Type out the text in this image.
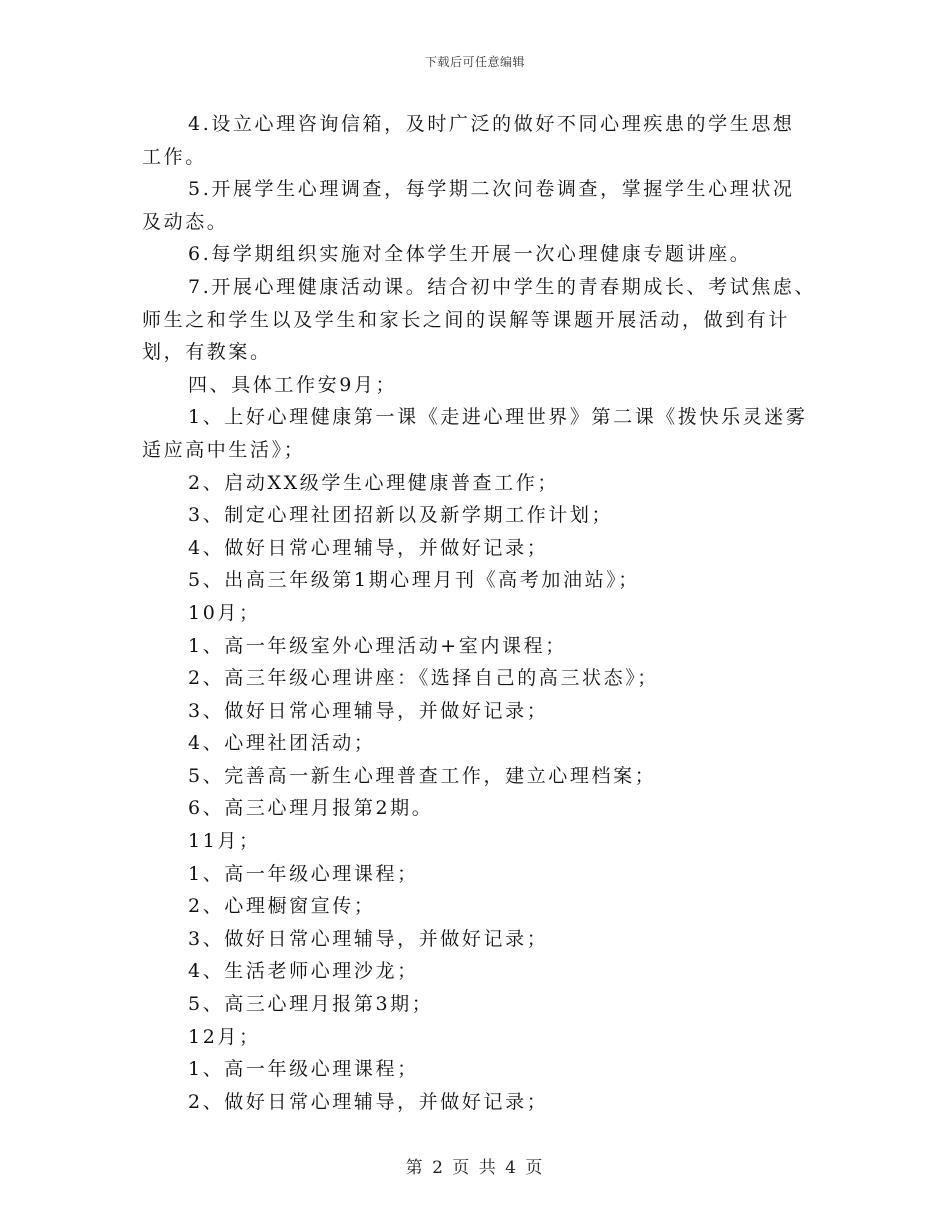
下载后可任意编辑
4.设立心理咨询信箱，及时广泛的做好不同心理疾患的学生思想
工作。
5.开展学生心理调查，每学期二次问卷调查，掌握学生心理状况
及动态。
6.每学期组织实施对全体学生开展一次心理健康专题讲座。
7.开展心理健康活动课。结合初中学生的青春期成长、考试焦虑、
师生之和学生以及学生和家长之间的误解等课题开展活动，做到有计
划，有教案。
四、具体工作安9月；
1、上好心理健康第一课《走进心理世界》第二课《拨快乐灵迷雾
适应高中生活》；
2、启动XX级学生心理健康普查工作；
3、制定心理社团招新以及新学期工作计划；
4、做好日常心理辅导，并做好记录；
5、出高三年级第1期心理月刊《高考加油站》；
10月；
1、高一年级室外心理活动+室内课程；
2、高三年级心理讲座：《选择自己的高三状态》；
3、做好日常心理辅导，并做好记录；
4、心理社团活动；
5、完善高一新生心理普查工作，建立心理档案；
6、高三心理月报第2期。
11月；
1、高一年级心理课程；
2、心理橱窗宣传；
3、做好日常心理辅导，并做好记录；
4、生活老师心理沙龙；
5、高三心理月报第3期；
12月；
1、高一年级心理课程；
2、做好日常心理辅导，并做好记录；
第 2 页 共 4 页
